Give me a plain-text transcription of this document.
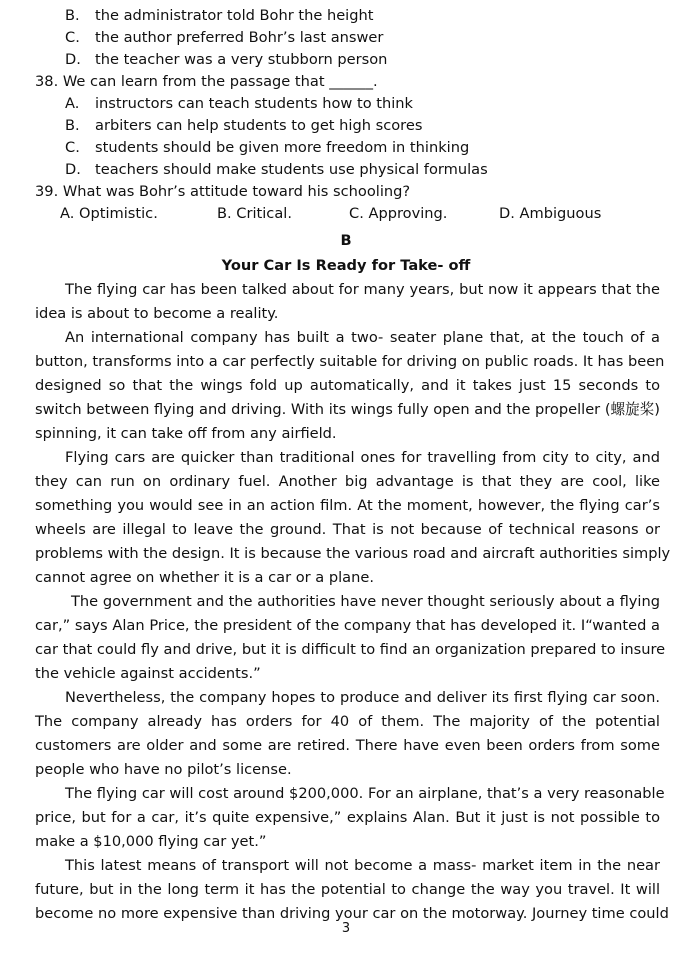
B. the administrator told Bohr the height
C. the author preferred Bohr’s last answer
D. the teacher was a very stubborn person
38. We can learn from the passage that ______.
A. instructors can teach students how to think
B. arbiters can help students to get high scores
C. students should be given more freedom in thinking
D. teachers should make students use physical formulas
39. What was Bohr’s attitude toward his schooling?
A. Optimistic.	B. Critical.	C. Approving.	D. Ambiguous
B
Your Car Is Ready for Take- off
The flying car has been talked about for many years, but now it appears that the
idea is about to become a reality.
An international company has built a two- seater plane that, at the touch of a
button, transforms into a car perfectly suitable for driving on public roads. It has been
designed so that the wings fold up automatically, and it takes just 15 seconds to
switch between flying and driving. With its wings fully open and the propeller (螺旋桨)
spinning, it can take off from any airfield.
Flying cars are quicker than traditional ones for travelling from city to city, and
they can run on ordinary fuel. Another big advantage is that they are cool, like
something you would see in an action film. At the moment, however, the flying car’s
wheels are illegal to leave the ground. That is not because of technical reasons or
problems with the design. It is because the various road and aircraft authorities simply
cannot agree on whether it is a car or a plane.
The government and the authorities have never thought seriously about a flying
car,” says Alan Price, the president of the company that has developed it. I“wanted a
car that could fly and drive, but it is difficult to find an organization prepared to insure
the vehicle against accidents.”
Nevertheless, the company hopes to produce and deliver its first flying car soon.
The company already has orders for 40 of them. The majority of the potential
customers are older and some are retired. There have even been orders from some
people who have no pilot’s license.
The flying car will cost around $200,000. For an airplane, that’s a very reasonable
price, but for a car, it’s quite expensive,” explains Alan. But it just is not possible to
make a $10,000 flying car yet.”
This latest means of transport will not become a mass- market item in the near
future, but in the long term it has the potential to change the way you travel. It will
become no more expensive than driving your car on the motorway. Journey time could
3
